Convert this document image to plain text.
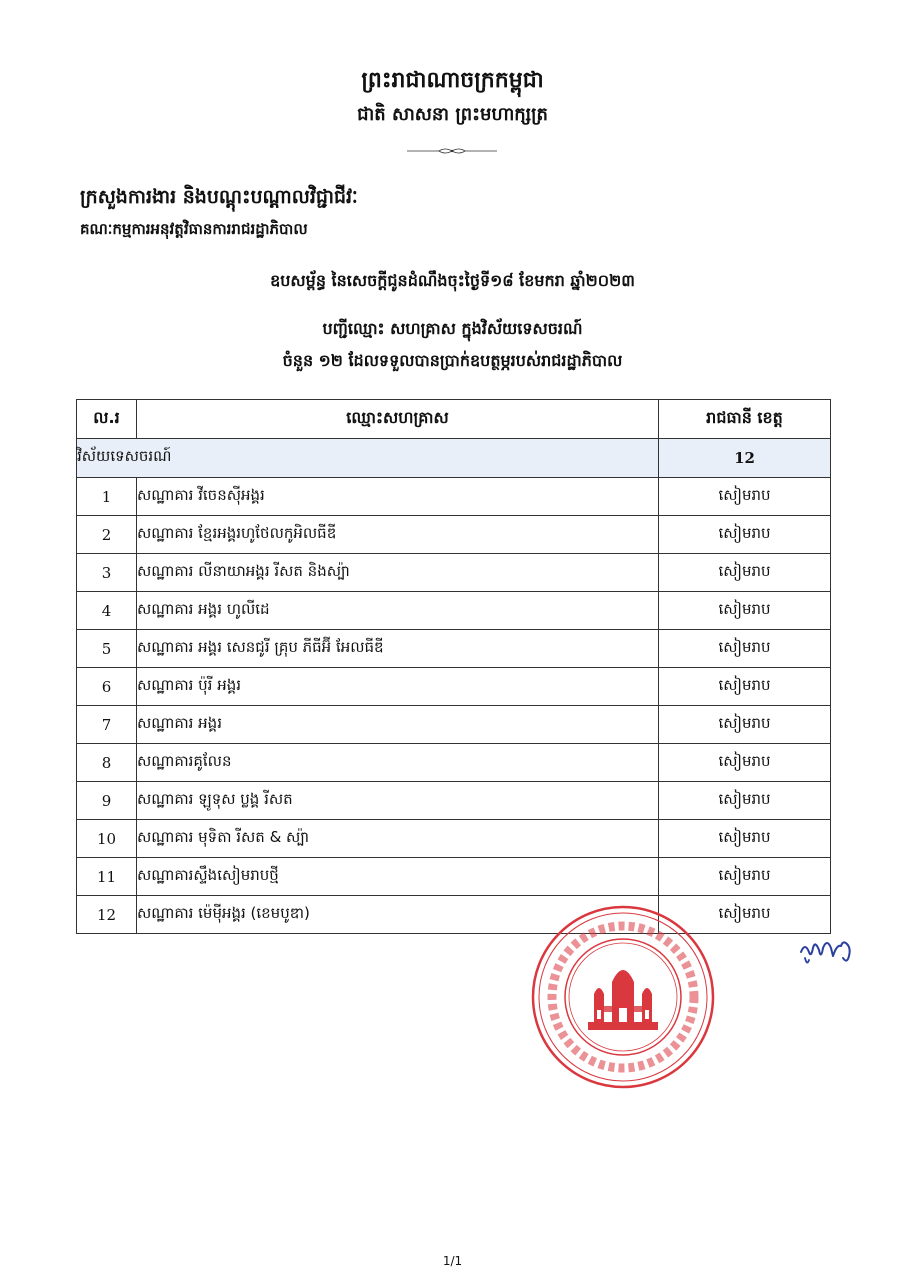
ព្រះរាជាណាចក្រកម្ពុជា
ជាតិ សាសនា ព្រះមហាក្សត្រ
ក្រសួងការងារ និងបណ្តុះបណ្តាលវិជ្ជាជីវៈ
គណៈកម្មការអនុវត្តវិធានការរាជរដ្ឋាភិបាល
ឧបសម្ព័ន្ធ នៃសេចក្តីជូនដំណឹងចុះថ្ងៃទី១៨ ខែមករា ឆ្នាំ២០២៣
បញ្ជីឈ្មោះ សហគ្រាស ក្នុងវិស័យទេសចរណ៍
ចំនួន ១២ ដែលទទួលបានប្រាក់ឧបត្ថម្ភរបស់រាជរដ្ឋាភិបាល
ល.រ	ឈ្មោះសហគ្រាស	រាជធានី ខេត្ត
វិស័យទេសចរណ៍		12
1	សណ្ឋាគារ វីចេនស៊ីអង្គរ	សៀមរាប
2	សណ្ឋាគារ ខ្មែរអង្គរហូថែលកូអិលធីឌី	សៀមរាប
3	សណ្ឋាគារ លីនាយាអង្គរ រីសត និងស្ប៉ា	សៀមរាប
4	សណ្ឋាគារ អង្គរ ហូលីដេ	សៀមរាប
5	សណ្ឋាគារ អង្គរ សេនជូរី គ្រុប ភីធីអ៊ី អែលធីឌី	សៀមរាប
6	សណ្ឋាគារ ប៉ុរី អង្គរ	សៀមរាប
7	សណ្ឋាគារ អង្គរ	សៀមរាប
8	សណ្ឋាគារគូលែន	សៀមរាប
9	សណ្ឋាគារ ឡូទុស ប្លង្គ រីសត	សៀមរាប
10	សណ្ឋាគារ មុទិតា រីសត & ស្ប៉ា	សៀមរាប
11	សណ្ឋាគារស្ទឹងសៀមរាបថ្មី	សៀមរាប
12	សណ្ឋាគារ ម៉េម៉ីអង្គរ (ខេមបូឌា)	សៀមរាប
1/1
